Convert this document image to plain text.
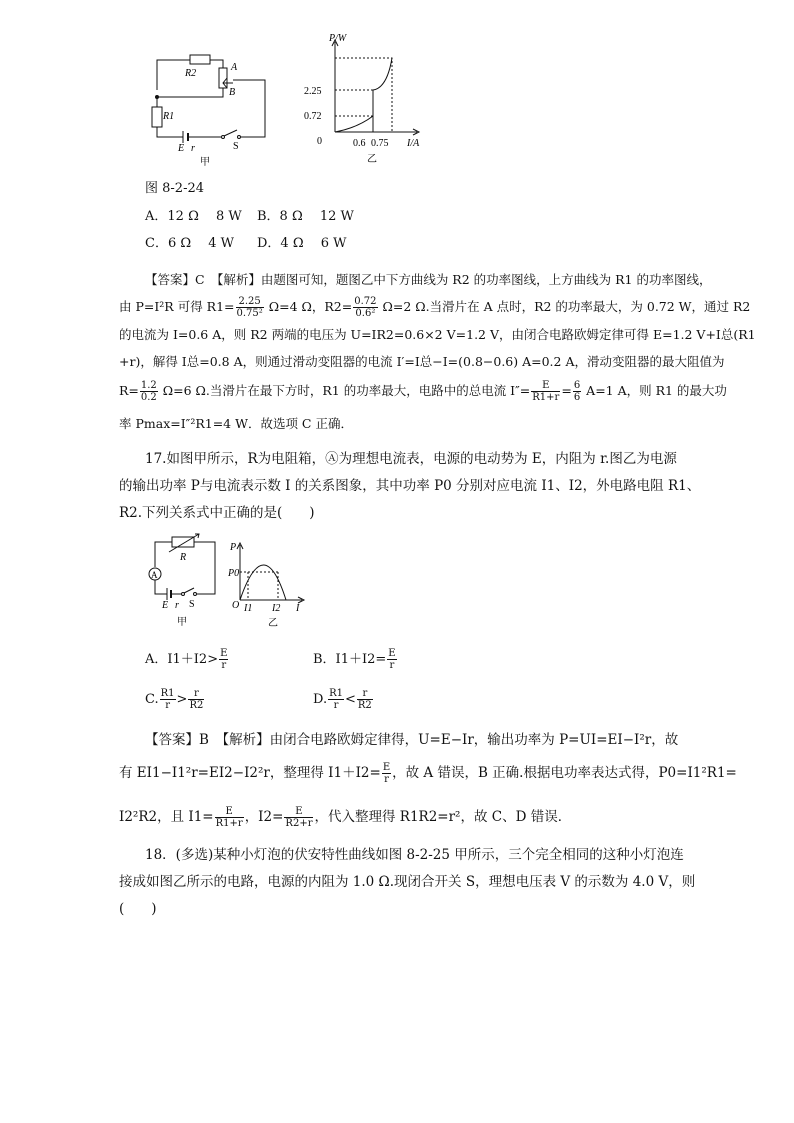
R2
A
B
R1
E r	S
甲
P/W
2.25
0.72
0	0.6 0.75 I/A
乙
图 8-2-24
A．12 Ω　 8 W B．8 Ω　 12 W
C．6 Ω　 4 W D．4 Ω　 6 W
【答案】C　【解析】由题图可知，题图乙中下方曲线为 R2 的功率图线，上方曲线为 R1 的功率图线，
由 P=I²R 可得 $R1= \frac{2.25}{\text{0.75²}} \Omega=4$ Ω，$R2= \frac{0.72}{\text{0.6²}} \Omega=2$ Ω.当滑片在 A 点时，R2 的功率最大，为 0.72 W，通过 R2
的电流为 I=0.6 A，则 R2 两端的电压为 U=IR2=0.6×2 V=1.2 V，由闭合电路欧姆定律可得 E=1.2 V+I总(R1
+r)，解得 I总=0.8 A，则通过滑动变阻器的电流 I′=I总−I=(0.8−0.6) A=0.2 A，滑动变阻器的最大阻值为
$R= \frac{1.2}{0.2} \Omega=6$ Ω.当滑片在最下方时，R1 的功率最大，电路中的总电流 $I''= \frac{E}{R1+r} = \frac{6}{6} A=1$ A，则 R1 的最大功
率 Pmax=I″²R1=4 W．故选项 C 正确．
17.如图甲所示，R为电阻箱，Ⓐ为理想电流表，电源的电动势为 E，内阻为 r.图乙为电源
的输出功率 P与电流表示数 I 的关系图象，其中功率 P0 分别对应电流 I1、I2，外电路电阻 R1、
R2.下列关系式中正确的是(　　)
A
R
E r S
甲
P
P0
O I1 I2 I
乙
A．$I1+I2> \frac{E}{r}$	B．$I1+I2= \frac{E}{r}$
C. $\frac{R1}{r} > \frac{r}{R2}$	D. $\frac{R1}{r} < \frac{r}{R2}$
【答案】B　【解析】由闭合电路欧姆定律得，U=E−Ir，输出功率为 P=UI=EI−I²r，故
有 EI1−I1²r=EI2−I2²r，整理得 $I1+I2= \frac{E}{r}$ ，故 A 错误，B 正确.根据电功率表达式得，P0=I1²R1=
I2²R2，且 $I1= \frac{E}{R1+r}$ ，$I2= \frac{E}{R2+r}$ ，代入整理得 R1R2=r²，故 C、D 错误．
18．(多选)某种小灯泡的伏安特性曲线如图 8-2-25 甲所示，三个完全相同的这种小灯泡连
接成如图乙所示的电路，电源的内阻为 1.0 Ω.现闭合开关 S，理想电压表 V 的示数为 4.0 V，则
(　　)
